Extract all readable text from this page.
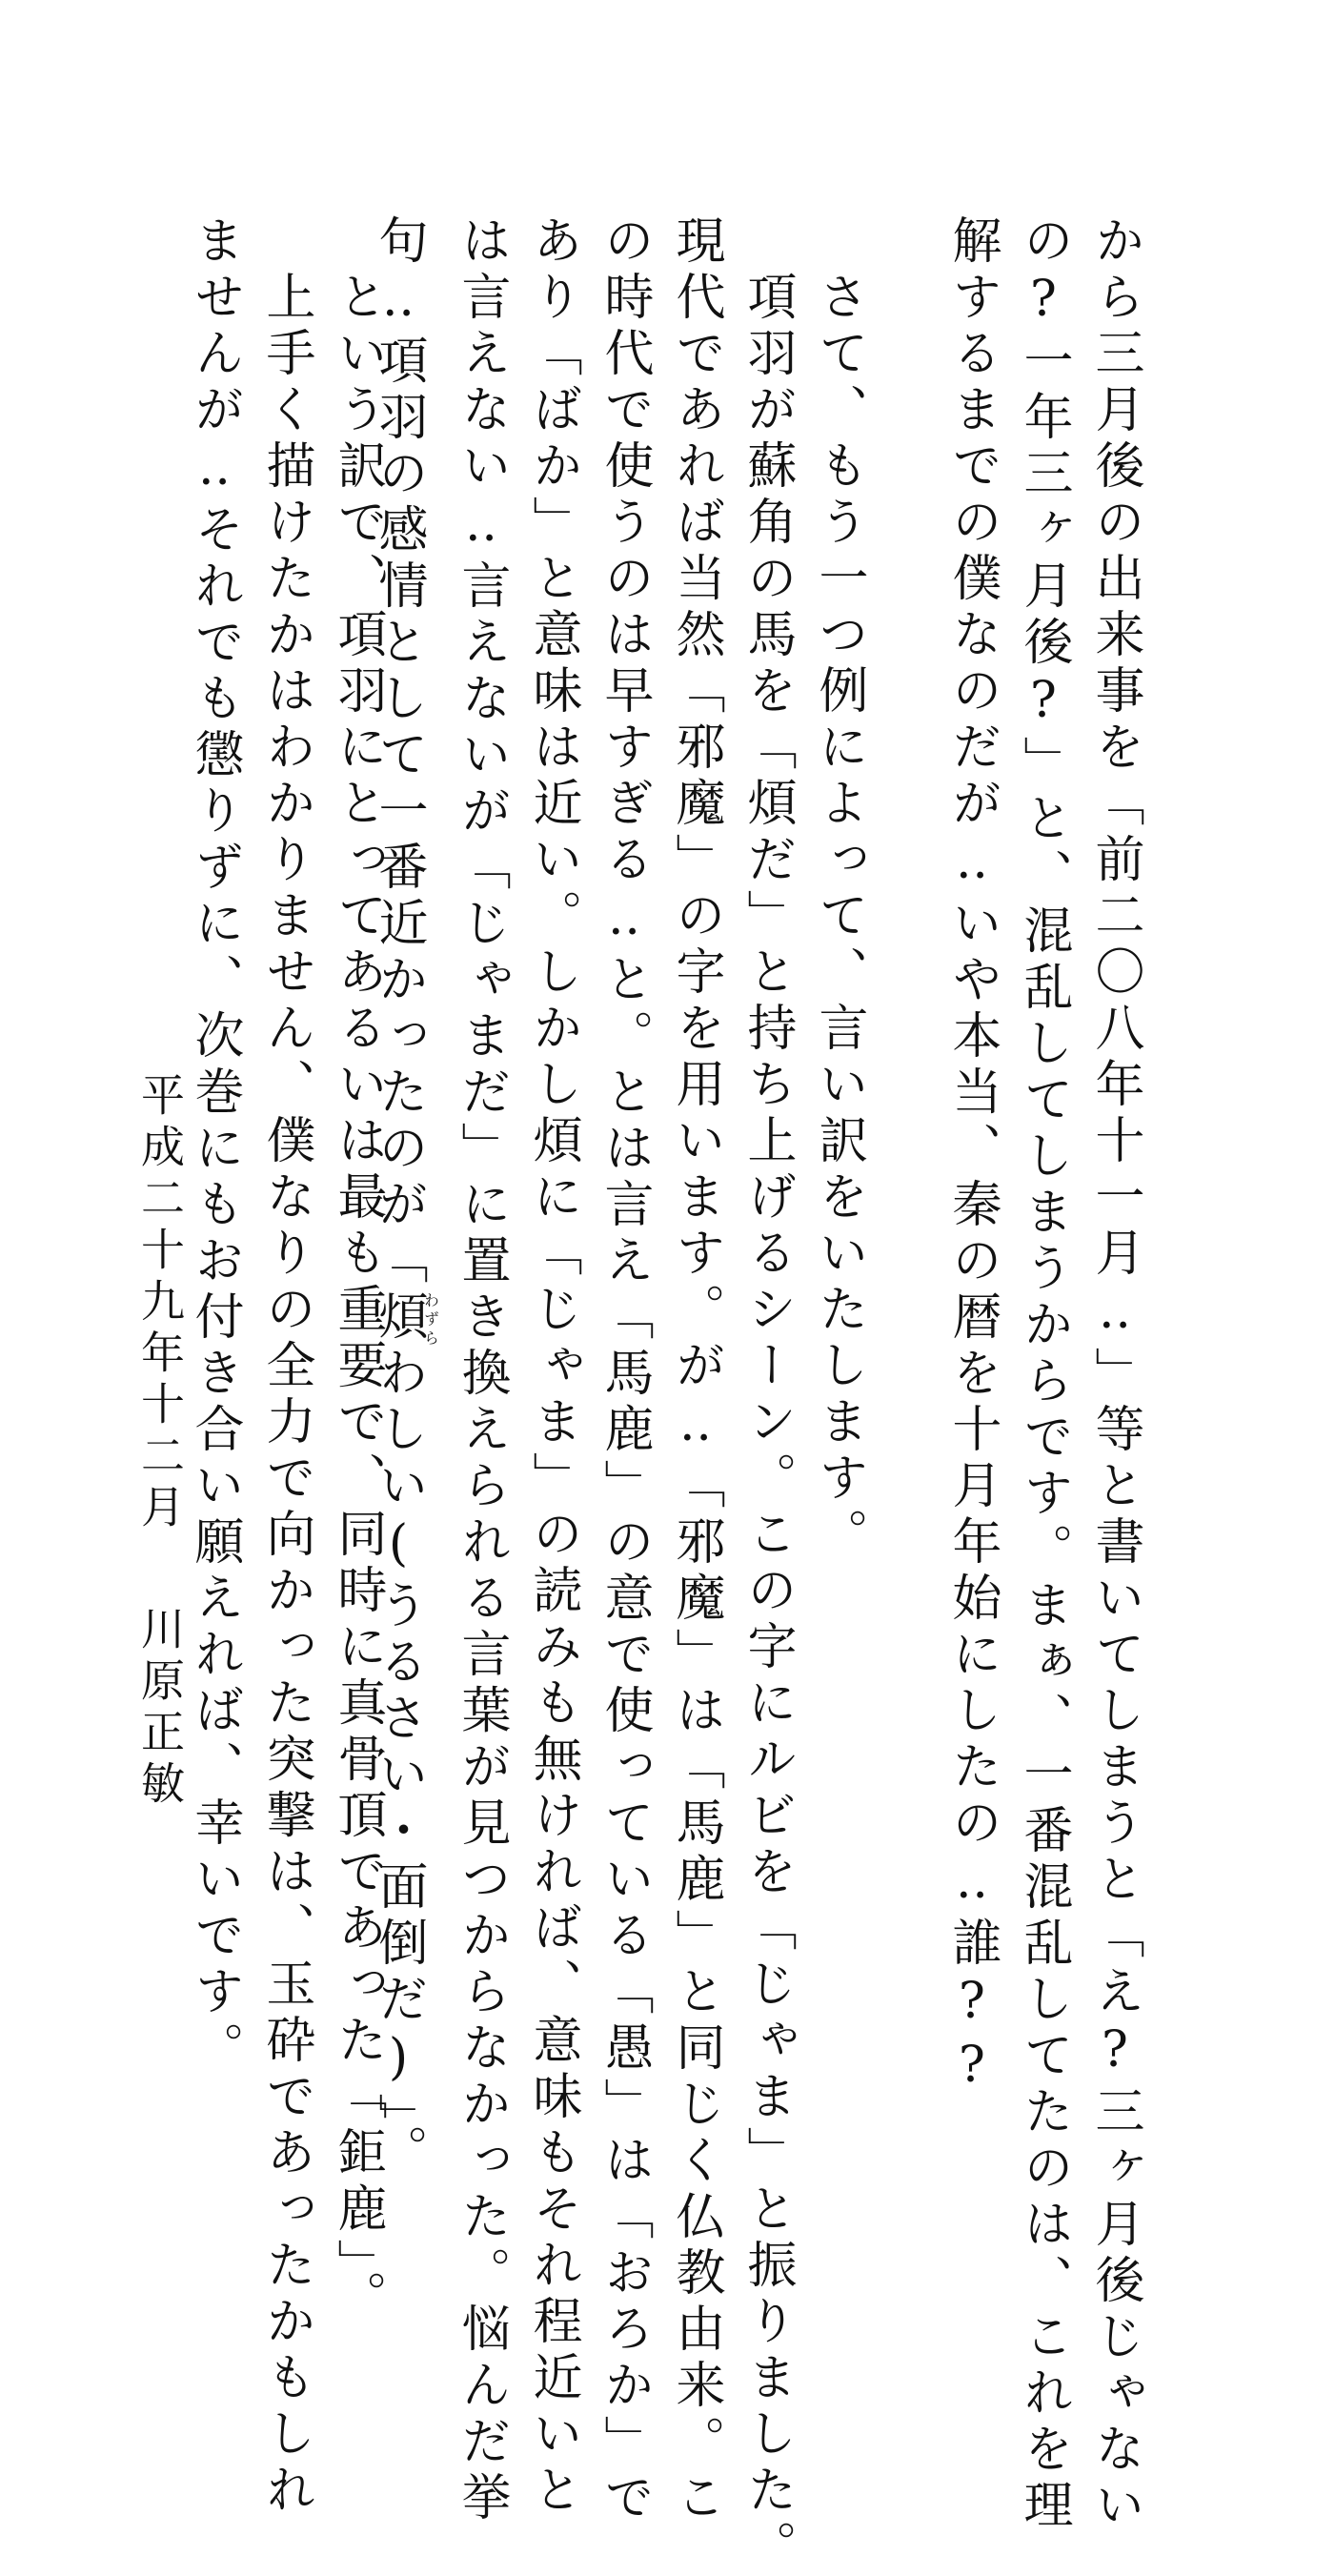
から三月後の出来事を「前二〇八年十一月‥」等と書いてしまうと「え?三ヶ月後じゃない
の?一年三ヶ月後?」と、混乱してしまうからです。まぁ、一番混乱してたのは、これを理
解するまでの僕なのだが‥いや本当、秦の暦を十月年始にしたの‥誰??
　さて、もう一つ例によって、言い訳をいたします。
　項羽が蘇角の馬を「煩だ」と持ち上げるシーン。この字にルビを「じゃま」と振りました。
現代であれば当然「邪魔」の字を用います。が‥「邪魔」は「馬鹿」と同じく仏教由来。こ
の時代で使うのは早すぎる‥と。とは言え「馬鹿」の意で使っている「愚」は「おろか」で
あり「ばか」と意味は近い。しかし煩に「じゃま」の読みも無ければ、意味もそれ程近いと
は言えない‥言えないが「じゃまだ」に置き換えられる言葉が見つからなかった。悩んだ挙
句‥項羽の感情として一番近かったのが「煩わずらわしい(うるさい・面倒だ)」。
　という訳で、項羽にとってあるいは最も重要で、同時に真骨頂であった「鉅鹿」。
　上手く描けたかはわかりません、僕なりの全力で向かった突撃は、玉砕であったかもしれ
ませんが‥それでも懲りずに、次巻にもお付き合い願えれば、幸いです。
平成二十九年十二月
川原正敏
